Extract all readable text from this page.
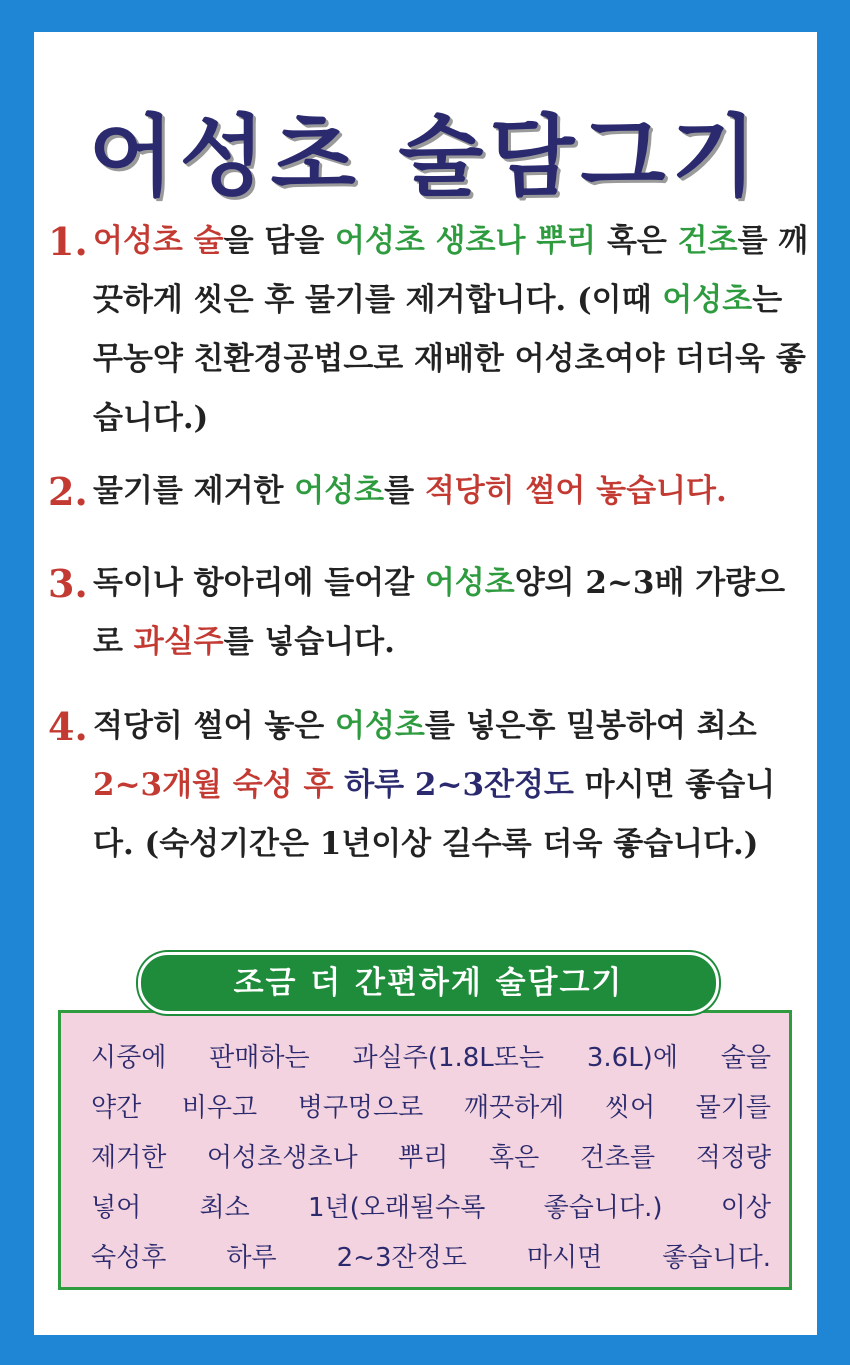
어성초 술담그기
1. 어성초 술을 담을 어성초 생초나 뿌리 혹은 건초를 깨끗하게 씻은 후 물기를 제거합니다. (이때 어성초는 무농약 친환경공법으로 재배한 어성초여야 더더욱 좋습니다.)
2. 물기를 제거한 어성초를 적당히 썰어 놓습니다.
3. 독이나 항아리에 들어갈 어성초양의 2~3배 가량으로 과실주를 넣습니다.
4. 적당히 썰어 놓은 어성초를 넣은후 밀봉하여 최소 2~3개월 숙성 후 하루 2~3잔정도 마시면 좋습니다. (숙성기간은 1년이상 길수록 더욱 좋습니다.)
시중에 판매하는 과실주(1.8L또는 3.6L)에 술을
약간 비우고 병구멍으로 깨끗하게 씻어 물기를
제거한 어성초생초나 뿌리 혹은 건초를 적정량
넣어 최소 1년(오래될수록 좋습니다.) 이상
숙성후 하루 2~3잔정도 마시면 좋습니다.
조금 더 간편하게 술담그기
